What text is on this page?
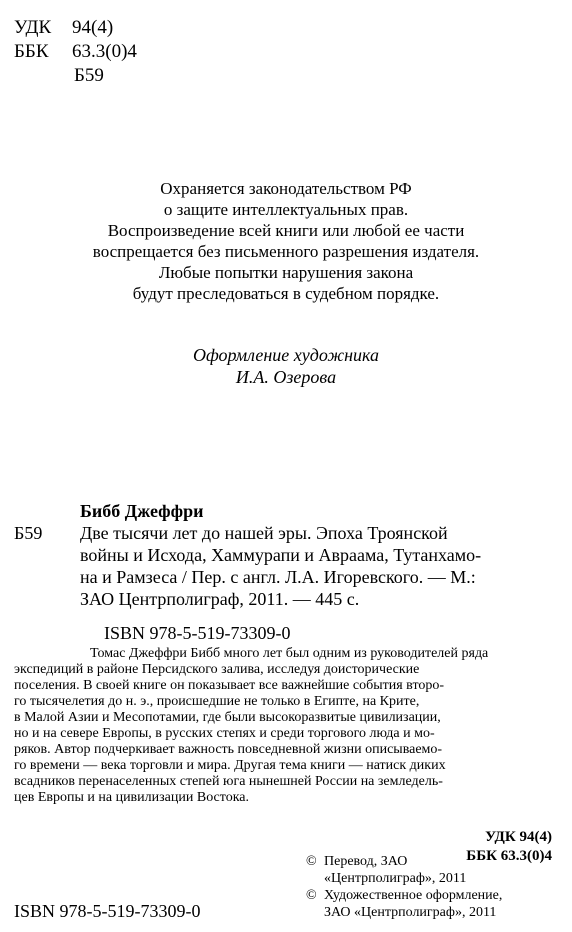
УДК 94(4)
ББК 63.3(0)4
Б59
Охраняется законодательством РФ
о защите интеллектуальных прав.
Воспроизведение всей книги или любой ее части
воспрещается без письменного разрешения издателя.
Любые попытки нарушения закона
будут преследоваться в судебном порядке.
Оформление художника
И.А. Озерова
Бибб Джеффри
Б59 Две тысячи лет до нашей эры. Эпоха Троянской
войны и Исхода, Хаммурапи и Авраама, Тутанхамо-
на и Рамзеса / Пер. с англ. Л.А. Игоревского. — М.:
ЗАО Центрполиграф, 2011. — 445 с.
ISBN 978-5-519-73309-0
Томас Джеффри Бибб много лет был одним из руководителей ряда
экспедиций в районе Персидского залива, исследуя доисторические
поселения. В своей книге он показывает все важнейшие события второ-
го тысячелетия до н. э., происшедшие не только в Египте, на Крите,
в Малой Азии и Месопотамии, где были высокоразвитые цивилизации,
но и на севере Европы, в русских степях и среди торгового люда и мо-
ряков. Автор подчеркивает важность повседневной жизни описываемо-
го времени — века торговли и мира. Другая тема книги — натиск диких
всадников перенаселенных степей юга нынешней России на земледель-
цев Европы и на цивилизации Востока.
УДК 94(4)
ББК 63.3(0)4
ISBN 978-5-519-73309-0
© Перевод, ЗАО
«Центрполиграф», 2011
© Художественное оформление,
ЗАО «Центрполиграф», 2011
